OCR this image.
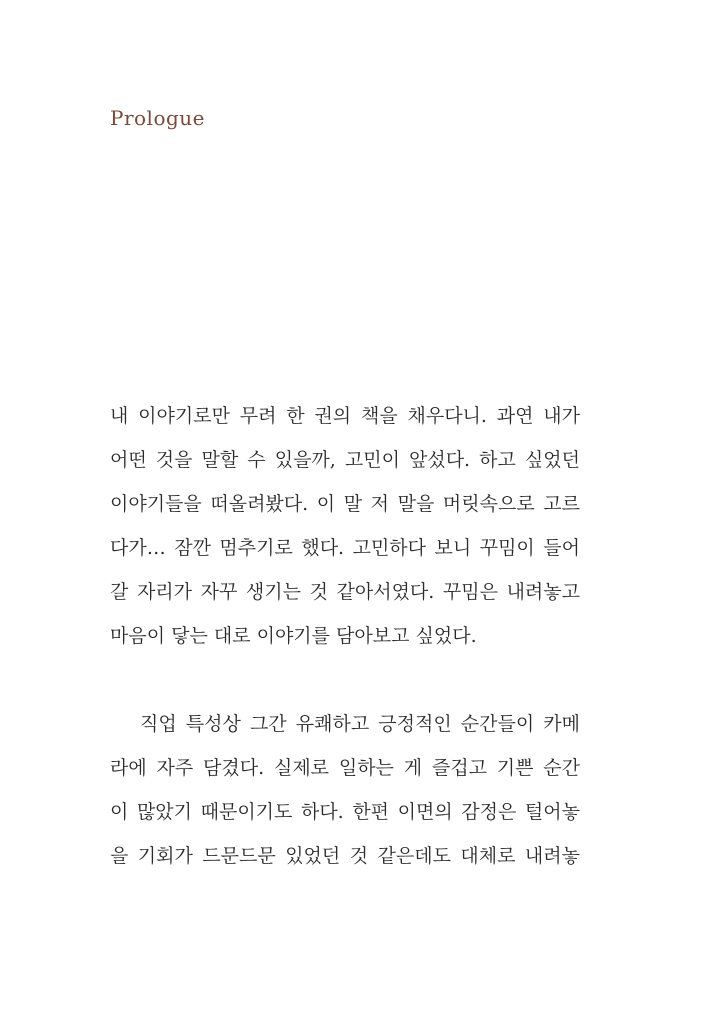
Prologue
내 이야기로만 무려 한 권의 책을 채우다니. 과연 내가
어떤 것을 말할 수 있을까, 고민이 앞섰다. 하고 싶었던
이야기들을 떠올려봤다. 이 말 저 말을 머릿속으로 고르
다가… 잠깐 멈추기로 했다. 고민하다 보니 꾸밈이 들어
갈 자리가 자꾸 생기는 것 같아서였다. 꾸밈은 내려놓고
마음이 닿는 대로 이야기를 담아보고 싶었다.
직업 특성상 그간 유쾌하고 긍정적인 순간들이 카메
라에 자주 담겼다. 실제로 일하는 게 즐겁고 기쁜 순간
이 많았기 때문이기도 하다. 한편 이면의 감정은 털어놓
을 기회가 드문드문 있었던 것 같은데도 대체로 내려놓
